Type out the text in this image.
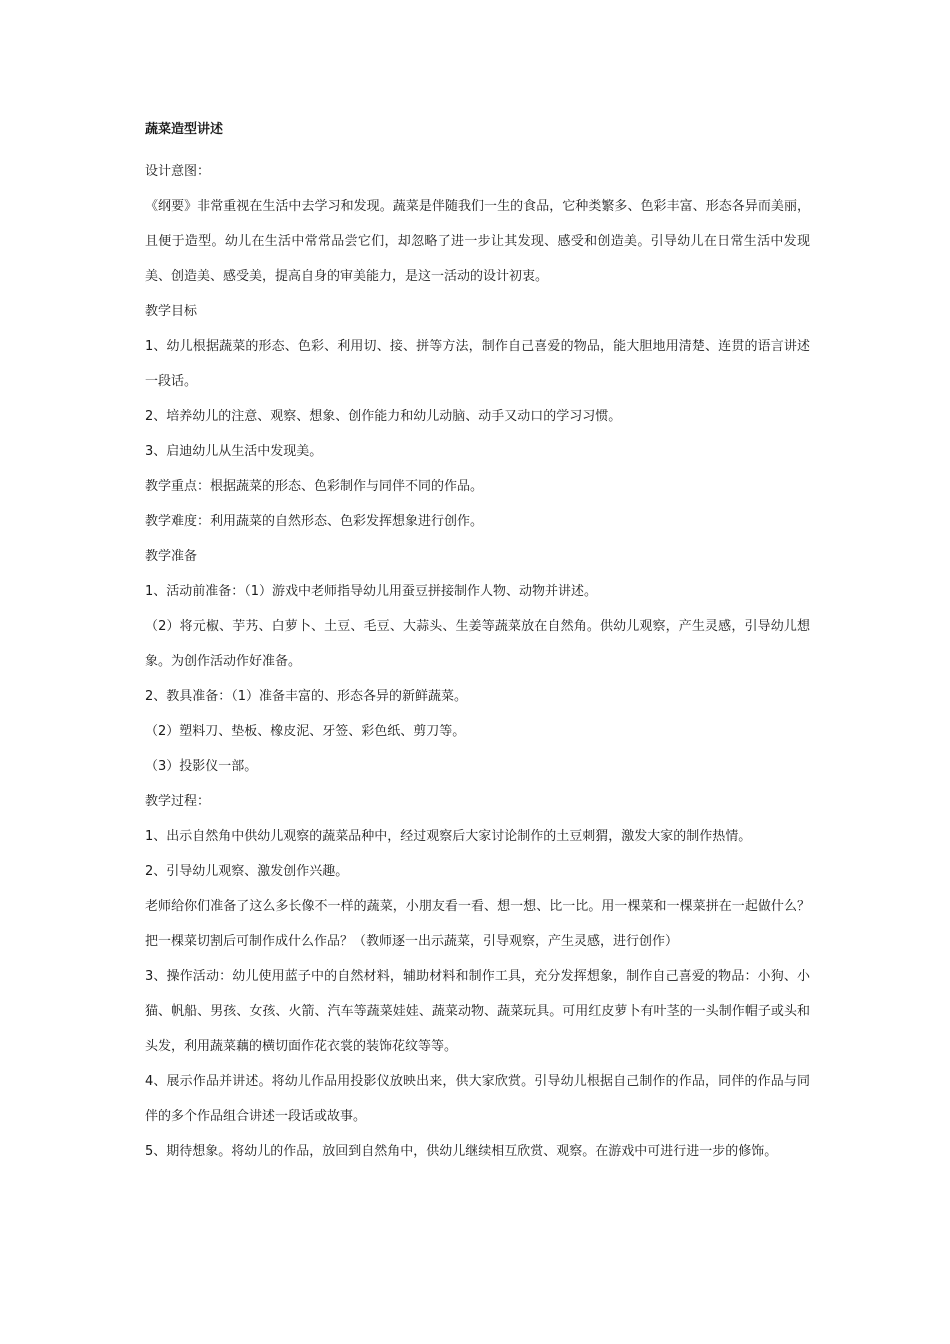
蔬菜造型讲述

设计意图：

《纲要》非常重视在生活中去学习和发现。蔬菜是伴随我们一生的食品，它种类繁多、色彩丰富、形态各异而美丽，且便于造型。幼儿在生活中常常品尝它们，却忽略了进一步让其发现、感受和创造美。引导幼儿在日常生活中发现美、创造美、感受美，提高自身的审美能力，是这一活动的设计初衷。

教学目标

1、幼儿根据蔬菜的形态、色彩、利用切、接、拼等方法，制作自己喜爱的物品，能大胆地用清楚、连贯的语言讲述一段话。

2、培养幼儿的注意、观察、想象、创作能力和幼儿动脑、动手又动口的学习习惯。

3、启迪幼儿从生活中发现美。

教学重点：根据蔬菜的形态、色彩制作与同伴不同的作品。

教学难度：利用蔬菜的自然形态、色彩发挥想象进行创作。

教学准备

1、活动前准备：（1）游戏中老师指导幼儿用蚕豆拼接制作人物、动物并讲述。

（2）将元椒、芋艿、白萝卜、土豆、毛豆、大蒜头、生姜等蔬菜放在自然角。供幼儿观察，产生灵感，引导幼儿想象。为创作活动作好准备。

2、教具准备：（1）准备丰富的、形态各异的新鲜蔬菜。

（2）塑料刀、垫板、橡皮泥、牙签、彩色纸、剪刀等。

（3）投影仪一部。

教学过程：

1、出示自然角中供幼儿观察的蔬菜品种中，经过观察后大家讨论制作的土豆刺猬，激发大家的制作热情。

2、引导幼儿观察、激发创作兴趣。

老师给你们准备了这么多长像不一样的蔬菜，小朋友看一看、想一想、比一比。用一棵菜和一棵菜拼在一起做什么？把一棵菜切割后可制作成什么作品？（教师逐一出示蔬菜，引导观察，产生灵感，进行创作）

3、操作活动：幼儿使用蓝子中的自然材料，辅助材料和制作工具，充分发挥想象，制作自己喜爱的物品：小狗、小猫、帆船、男孩、女孩、火箭、汽车等蔬菜娃娃、蔬菜动物、蔬菜玩具。可用红皮萝卜有叶茎的一头制作帽子或头和头发，利用蔬菜藕的横切面作花衣裳的装饰花纹等等。

4、展示作品并讲述。将幼儿作品用投影仪放映出来，供大家欣赏。引导幼儿根据自己制作的作品，同伴的作品与同伴的多个作品组合讲述一段话或故事。

5、期待想象。将幼儿的作品，放回到自然角中，供幼儿继续相互欣赏、观察。在游戏中可进行进一步的修饰。
